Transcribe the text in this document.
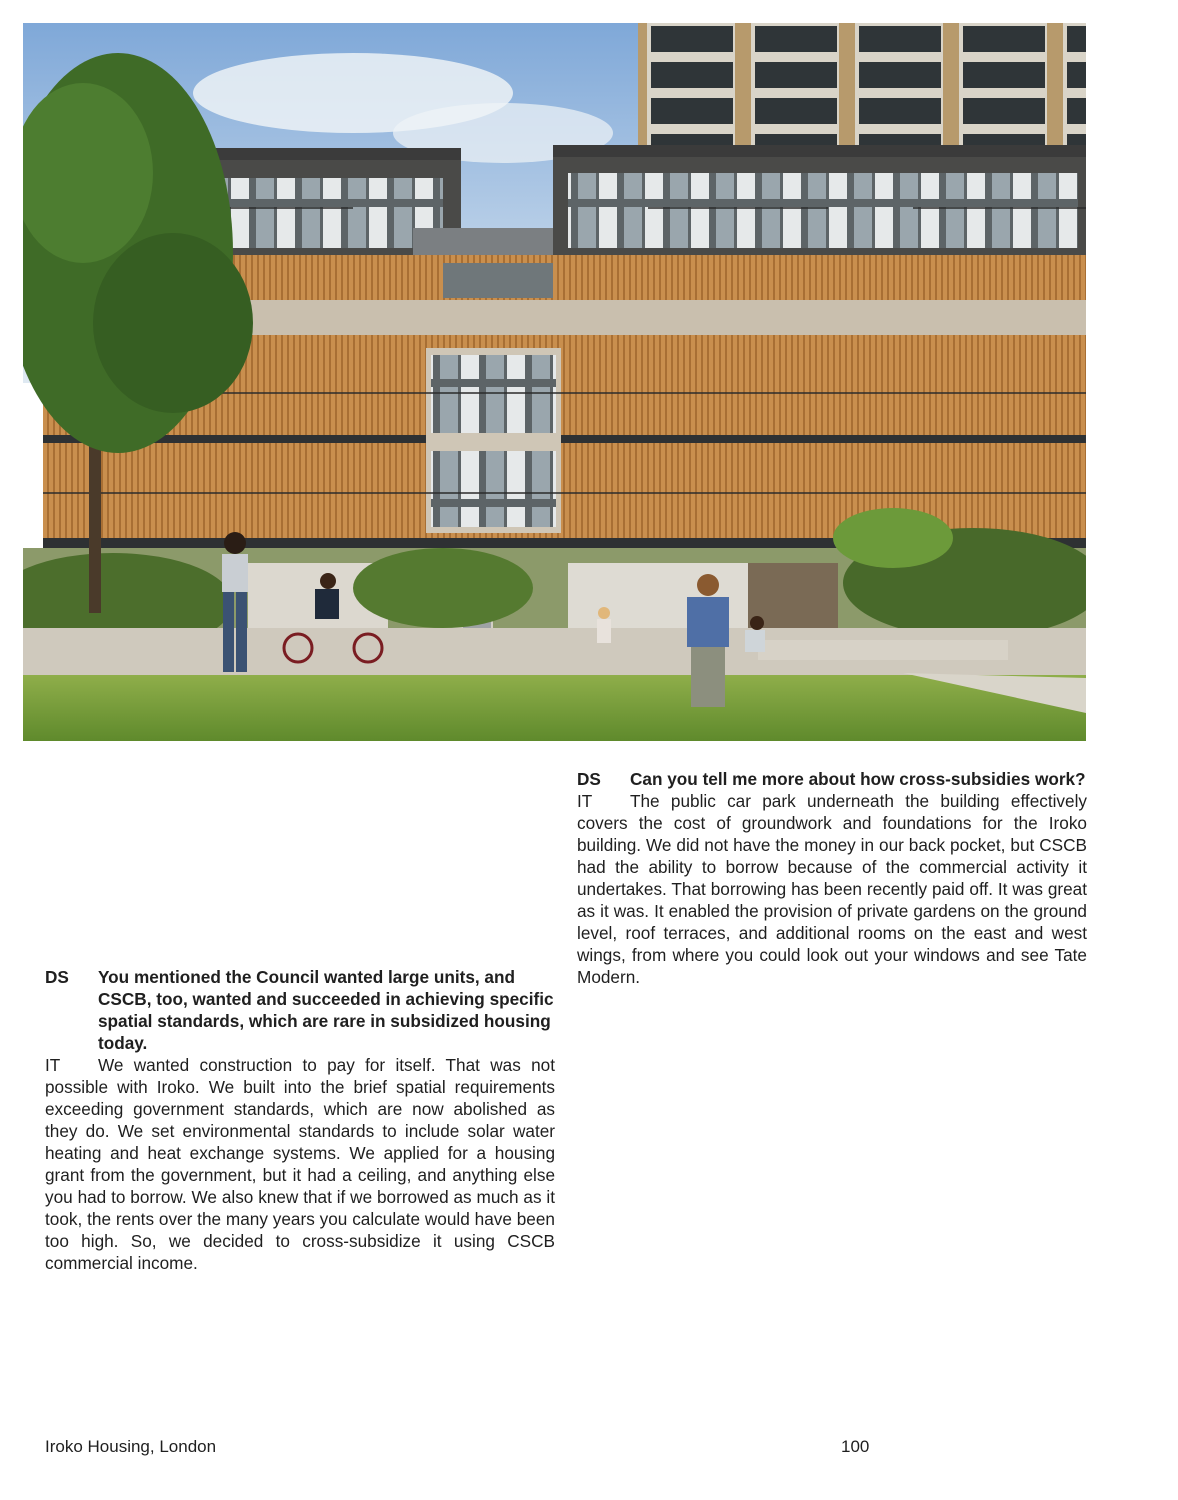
DS You mentioned the Council wanted large units, and CSCB, too, wanted and succeeded in achieving specific spatial standards, which are rare in subsidized housing today.
IT We wanted construction to pay for itself. That was not possible with Iroko. We built into the brief spatial requirements exceeding government standards, which are now abolished as they do. We set environmental standards to include solar water heating and heat exchange systems. We applied for a housing grant from the government, but it had a ceiling, and anything else you had to borrow. We also knew that if we borrowed as much as it took, the rents over the many years you calculate would have been too high. So, we decided to cross-subsidize it using CSCB commercial income.
DS Can you tell me more about how cross-subsidies work?
IT The public car park underneath the building effectively covers the cost of groundwork and foundations for the Iroko building. We did not have the money in our back pocket, but CSCB had the ability to borrow because of the commercial activity it undertakes. That borrowing has been recently paid off. It was great as it was. It enabled the provision of private gardens on the ground level, roof terraces, and additional rooms on the east and west wings, from where you could look out your windows and see Tate Modern.
Iroko Housing, London	100
